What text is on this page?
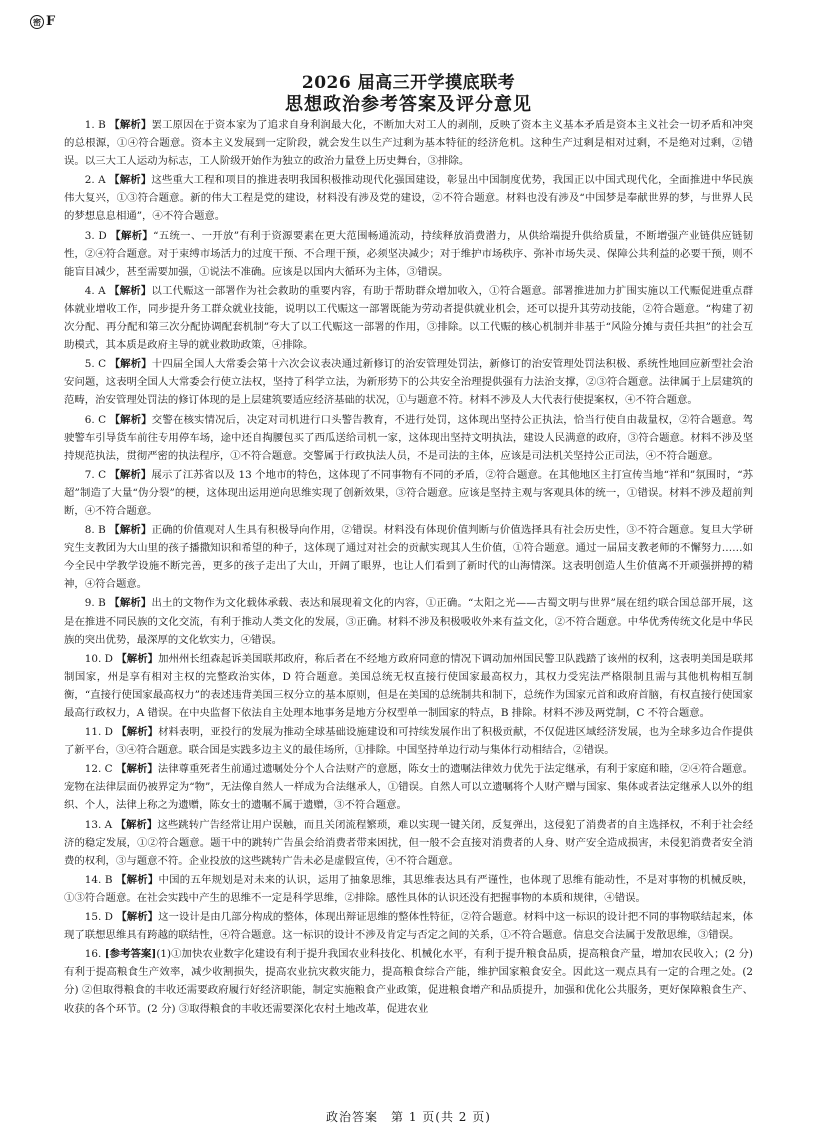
密 F
2026 届高三开学摸底联考
思想政治参考答案及评分意见

1. B 【解析】罢工原因在于资本家为了追求自身利润最大化，不断加大对工人的剥削，反映了资本主义基本矛盾是资本主义社会一切矛盾和冲突的总根源，①④符合题意。资本主义发展到一定阶段，就会发生以生产过剩为基本特征的经济危机。这种生产过剩是相对过剩，不是绝对过剩，②错误。以三大工人运动为标志，工人阶级开始作为独立的政治力量登上历史舞台，③排除。

2. A 【解析】这些重大工程和项目的推进表明我国积极推动现代化强国建设，彰显出中国制度优势，我国正以中国式现代化，全面推进中华民族伟大复兴，①③符合题意。新的伟大工程是党的建设，材料没有涉及党的建设，②不符合题意。材料也没有涉及“中国梦是奉献世界的梦，与世界人民的梦想息息相通”，④不符合题意。

3. D 【解析】“五统一、一开放”有利于资源要素在更大范围畅通流动，持续释放消费潜力，从供给端提升供给质量，不断增强产业链供应链韧性，②④符合题意。对于束缚市场活力的过度干预、不合理干预，必须坚决减少；对于维护市场秩序、弥补市场失灵、保障公共利益的必要干预，则不能盲目减少，甚至需要加强，①说法不准确。应该是以国内大循环为主体，③错误。

4. A 【解析】以工代赈这一部署作为社会救助的重要内容，有助于帮助群众增加收入，①符合题意。部署推进加力扩围实施以工代赈促进重点群体就业增收工作，同步提升务工群众就业技能，说明以工代赈这一部署既能为劳动者提供就业机会，还可以提升其劳动技能，②符合题意。“构建了初次分配、再分配和第三次分配协调配套机制”夸大了以工代赈这一部署的作用，③排除。以工代赈的核心机制并非基于“风险分摊与责任共担”的社会互助模式，其本质是政府主导的就业救助政策，④排除。

5. C 【解析】十四届全国人大常委会第十六次会议表决通过新修订的治安管理处罚法，新修订的治安管理处罚法积极、系统性地回应新型社会治安问题，这表明全国人大常委会行使立法权，坚持了科学立法，为新形势下的公共安全治理提供强有力法治支撑，②③符合题意。法律属于上层建筑的范畴，治安管理处罚法的修订体现的是上层建筑要适应经济基础的状况，①与题意不符。材料不涉及人大代表行使提案权，④不符合题意。

6. C 【解析】交警在核实情况后，决定对司机进行口头警告教育，不进行处罚，这体现出坚持公正执法，恰当行使自由裁量权，②符合题意。驾驶警车引导货车前往专用停车场，途中还自掏腰包买了西瓜送给司机一家，这体现出坚持文明执法，建设人民满意的政府，③符合题意。材料不涉及坚持规范执法，贯彻严密的执法程序，①不符合题意。交警属于行政执法人员，不是司法的主体，应该是司法机关坚持公正司法，④不符合题意。

7. C 【解析】展示了江苏省以及 13 个地市的特色，这体现了不同事物有不同的矛盾，②符合题意。在其他地区主打宣传当地“祥和”氛围时，“苏超”制造了大量“伪分裂”的梗，这体现出运用逆向思维实现了创新效果，③符合题意。应该是坚持主观与客观具体的统一，①错误。材料不涉及超前判断，④不符合题意。

8. B 【解析】正确的价值观对人生具有积极导向作用，②错误。材料没有体现价值判断与价值选择具有社会历史性，③不符合题意。复旦大学研究生支教团为大山里的孩子播撒知识和希望的种子，这体现了通过对社会的贡献实现其人生价值，①符合题意。通过一届届支教老师的不懈努力……如今全民中学教学设施不断完善，更多的孩子走出了大山，开阔了眼界，也让人们看到了新时代的山海情深。这表明创造人生价值离不开顽强拼搏的精神，④符合题意。

9. B 【解析】出土的文物作为文化载体承载、表达和展现着文化的内容，①正确。“太阳之光——古蜀文明与世界”展在纽约联合国总部开展，这是在推进不同民族的文化交流，有利于推动人类文化的发展，③正确。材料不涉及积极吸收外来有益文化，②不符合题意。中华优秀传统文化是中华民族的突出优势，最深厚的文化软实力，④错误。

10. D 【解析】加州州长纽森起诉美国联邦政府，称后者在不经地方政府同意的情况下调动加州国民警卫队践踏了该州的权利，这表明美国是联邦制国家，州是享有相对主权的完整政治实体，D 符合题意。美国总统无权直接行使国家最高权力，其权力受宪法严格限制且需与其他机构相互制衡，“直接行使国家最高权力”的表述违背美国三权分立的基本原则，但是在美国的总统制共和制下，总统作为国家元首和政府首脑，有权直接行使国家最高行政权力，A 错误。在中央监督下依法自主处理本地事务是地方分权型单一制国家的特点，B 排除。材料不涉及两党制，C 不符合题意。

11. D 【解析】材料表明，亚投行的发展为推动全球基础设施建设和可持续发展作出了积极贡献，不仅促进区域经济发展，也为全球多边合作提供了新平台，③④符合题意。联合国是实践多边主义的最佳场所，①排除。中国坚持单边行动与集体行动相结合，②错误。

12. C 【解析】法律尊重死者生前通过遗嘱处分个人合法财产的意愿，陈女士的遗嘱法律效力优先于法定继承，有利于家庭和睦，②④符合题意。宠物在法律层面仍被界定为“物”，无法像自然人一样成为合法继承人，①错误。自然人可以立遗嘱将个人财产赠与国家、集体或者法定继承人以外的组织、个人，法律上称之为遗赠，陈女士的遗嘱不属于遗赠，③不符合题意。

13. A 【解析】这些跳转广告经常让用户误触，而且关闭流程繁琐，难以实现一键关闭，反复弹出，这侵犯了消费者的自主选择权，不利于社会经济的稳定发展，①②符合题意。题干中的跳转广告虽会给消费者带来困扰，但一般不会直接对消费者的人身、财产安全造成损害，未侵犯消费者安全消费的权利，③与题意不符。企业投放的这些跳转广告未必是虚假宣传，④不符合题意。

14. B 【解析】中国的五年规划是对未来的认识，运用了抽象思维，其思维表达具有严谨性，也体现了思维有能动性，不是对事物的机械反映，①③符合题意。在社会实践中产生的思维不一定是科学思维，②排除。感性具体的认识还没有把握事物的本质和规律，④错误。

15. D 【解析】这一设计是由几部分构成的整体，体现出辩证思维的整体性特征，②符合题意。材料中这一标识的设计把不同的事物联结起来，体现了联想思维具有跨越的联结性，④符合题意。这一标识的设计不涉及肯定与否定之间的关系，①不符合题意。信息交合法属于发散思维，③错误。

16. [参考答案](1)①加快农业数字化建设有利于提升我国农业科技化、机械化水平，有利于提升粮食品质，提高粮食产量，增加农民收入；(2 分) 有利于提高粮食生产效率，减少收割损失，提高农业抗灾救灾能力，提高粮食综合产能，维护国家粮食安全。因此这一观点具有一定的合理之处。(2 分) ②但取得粮食的丰收还需要政府履行好经济职能，制定实施粮食产业政策，促进粮食增产和品质提升，加强和优化公共服务，更好保障粮食生产、收获的各个环节。(2 分) ③取得粮食的丰收还需要深化农村土地改革，促进农业

政治答案　第 1 页(共 2 页)
